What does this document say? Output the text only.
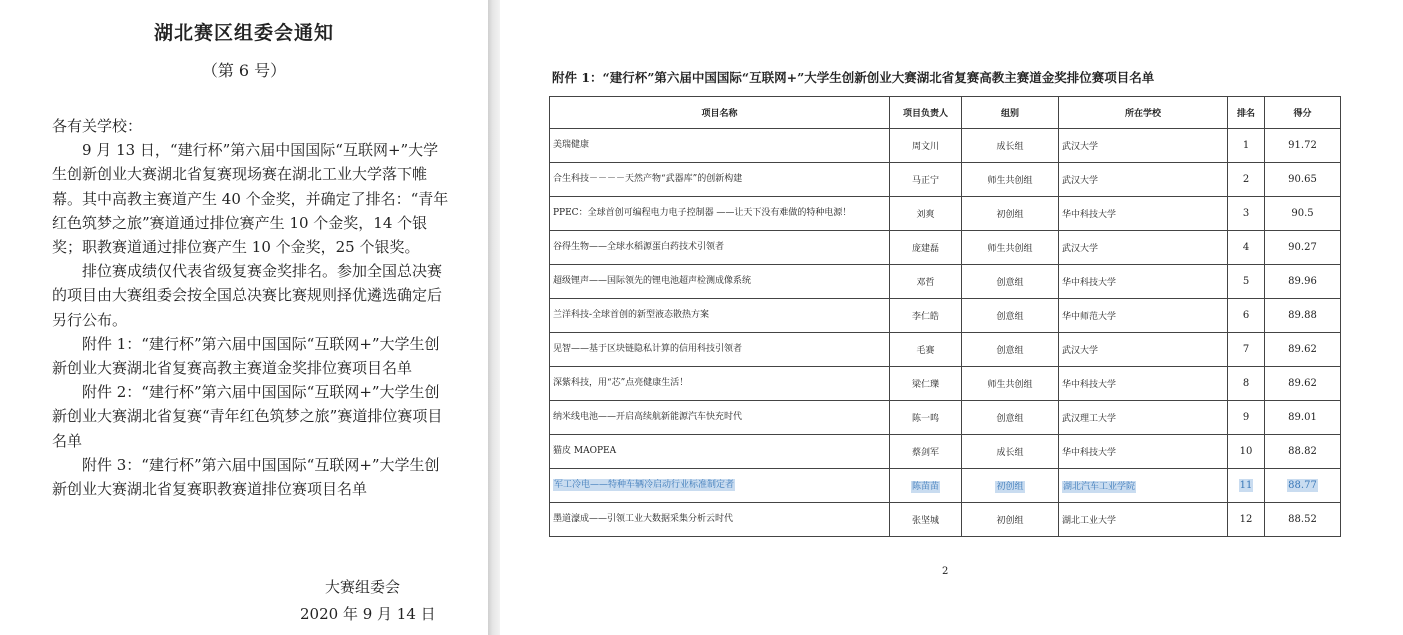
湖北赛区组委会通知
（第 6 号）

各有关学校：

　　9 月 13 日，“建行杯”第六届中国国际“互联网+”大学生创新创业大赛湖北省复赛现场赛在湖北工业大学落下帷幕。其中高教主赛道产生 40 个金奖，并确定了排名：“青年红色筑梦之旅”赛道通过排位赛产生 10 个金奖，14 个银奖；职教赛道通过排位赛产生 10 个金奖，25 个银奖。

　　排位赛成绩仅代表省级复赛金奖排名。参加全国总决赛的项目由大赛组委会按全国总决赛比赛规则择优遴选确定后另行公布。

　　附件 1：“建行杯”第六届中国国际“互联网+”大学生创新创业大赛湖北省复赛高教主赛道金奖排位赛项目名单

　　附件 2：“建行杯”第六届中国国际“互联网+”大学生创新创业大赛湖北省复赛“青年红色筑梦之旅”赛道排位赛项目名单

　　附件 3：“建行杯”第六届中国国际“互联网+”大学生创新创业大赛湖北省复赛职教赛道排位赛项目名单

大赛组委会
2020 年 9 月 14 日
附件 1：“建行杯”第六届中国国际“互联网+”大学生创新创业大赛湖北省复赛高教主赛道金奖排位赛项目名单
项目名称	项目负责人	组别	所在学校	排名	得分
美瑞健康	周文川	成长组	武汉大学	1	91.72
合生科技－－－－天然产物“武器库”的创新构建	马正宁	师生共创组	武汉大学	2	90.65
PPEC：全球首创可编程电力电子控制器 ——让天下没有难做的特种电源！	刘爽	初创组	华中科技大学	3	90.5
谷得生物——全球水稻源蛋白药技术引领者	庞建磊	师生共创组	武汉大学	4	90.27
超级锂声——国际领先的锂电池超声检测成像系统	邓哲	创意组	华中科技大学	5	89.96
兰洋科技-全球首创的新型液态散热方案	李仁皓	创意组	华中师范大学	6	89.88
见智——基于区块链隐私计算的信用科技引领者	毛赛	创意组	武汉大学	7	89.62
深紫科技，用“芯”点亮健康生活！	梁仁瓅	师生共创组	华中科技大学	8	89.62
纳米线电池——开启高续航新能源汽车快充时代	陈一鸣	创意组	武汉理工大学	9	89.01
猫皮 MAOPEA	蔡剑军	成长组	华中科技大学	10	88.82
军工冷电——特种车辆冷启动行业标准制定者	陈苗苗	初创组	湖北汽车工业学院	11	88.77
墨道濠成——引领工业大数据采集分析云时代	张坚城	初创组	湖北工业大学	12	88.52
2
